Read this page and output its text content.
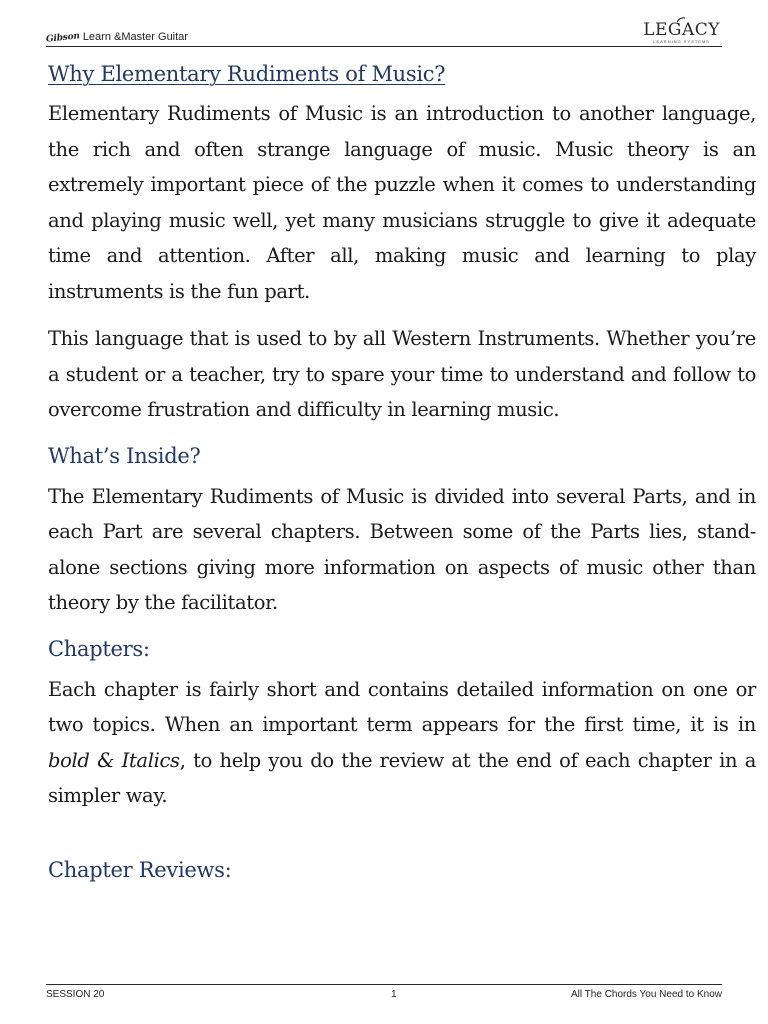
Gibson Learn &Master Guitar	LEGACY
LEARNING SYSTEMS
Why Elementary Rudiments of Music?

Elementary Rudiments of Music is an introduction to another language, the rich and often strange language of music. Music theory is an extremely important piece of the puzzle when it comes to understanding and playing music well, yet many musicians struggle to give it adequate time and attention. After all, making music and learning to play instruments is the fun part.

This language that is used to by all Western Instruments. Whether you’re a student or a teacher, try to spare your time to understand and follow to overcome frustration and difficulty in learning music.

What’s Inside?

The Elementary Rudiments of Music is divided into several Parts, and in each Part are several chapters. Between some of the Parts lies, stand-alone sections giving more information on aspects of music other than theory by the facilitator.

Chapters:

Each chapter is fairly short and contains detailed information on one or two topics. When an important term appears for the first time, it is in bold & Italics, to help you do the review at the end of each chapter in a simpler way.

Chapter Reviews:
SESSION 20	1	All The Chords You Need to Know
